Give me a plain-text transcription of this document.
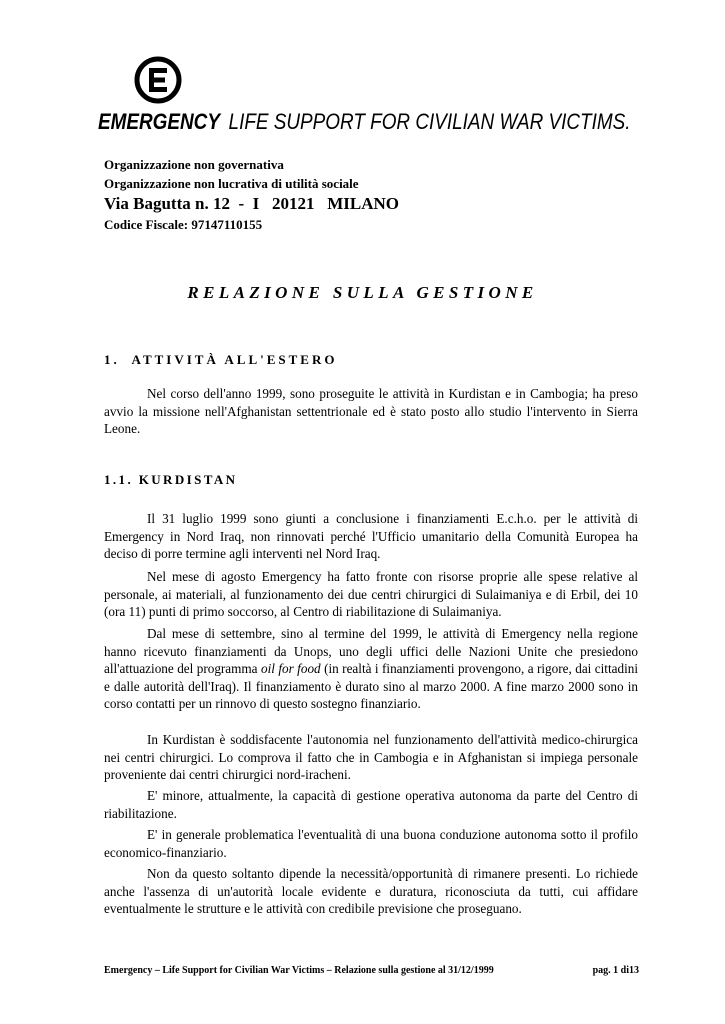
EMERGENCY LIFE SUPPORT FOR CIVILIAN WAR VICTIMS.
Organizzazione non governativa
Organizzazione non lucrativa di utilità sociale
Via Bagutta n. 12  -  I   20121   MILANO
Codice Fiscale: 97147110155
RELAZIONE SULLA GESTIONE
1.  ATTIVITÀ ALL'ESTERO

Nel corso dell'anno 1999, sono proseguite le attività in Kurdistan e in Cambogia; ha preso avvio la missione nell'Afghanistan settentrionale ed è stato posto allo studio l'intervento in Sierra Leone.

1.1. KURDISTAN

Il 31 luglio 1999 sono giunti a conclusione i finanziamenti E.c.h.o. per le attività di Emergency in Nord Iraq, non rinnovati perché l'Ufficio umanitario della Comunità Europea ha deciso di porre termine agli interventi nel Nord Iraq.

Nel mese di agosto Emergency ha fatto fronte con risorse proprie alle spese relative al personale, ai materiali, al funzionamento dei due centri chirurgici di Sulaimaniya e di Erbil, dei 10 (ora 11) punti di primo soccorso, al Centro di riabilitazione di Sulaimaniya.

Dal mese di settembre, sino al termine del 1999, le attività di Emergency nella regione hanno ricevuto finanziamenti da Unops, uno degli uffici delle Nazioni Unite che presiedono all'attuazione del programma oil for food (in realtà i finanziamenti provengono, a rigore, dai cittadini e dalle autorità dell'Iraq). Il finanziamento è durato sino al marzo 2000. A fine marzo 2000 sono in corso contatti per un rinnovo di questo sostegno finanziario.

In Kurdistan è soddisfacente l'autonomia nel funzionamento dell'attività medico-chirurgica nei centri chirurgici. Lo comprova il fatto che in Cambogia e in Afghanistan si impiega personale proveniente dai centri chirurgici nord-iracheni.

E' minore, attualmente, la capacità di gestione operativa autonoma da parte del Centro di riabilitazione.

E' in generale problematica l'eventualità di una buona conduzione autonoma sotto il profilo economico-finanziario.

Non da questo soltanto dipende la necessità/opportunità di rimanere presenti. Lo richiede anche l'assenza di un'autorità locale evidente e duratura, riconosciuta da tutti, cui affidare eventualmente le strutture e le attività con credibile previsione che proseguano.

Emergency – Life Support for Civilian War Victims – Relazione sulla gestione al 31/12/1999	pag. 1 di13
